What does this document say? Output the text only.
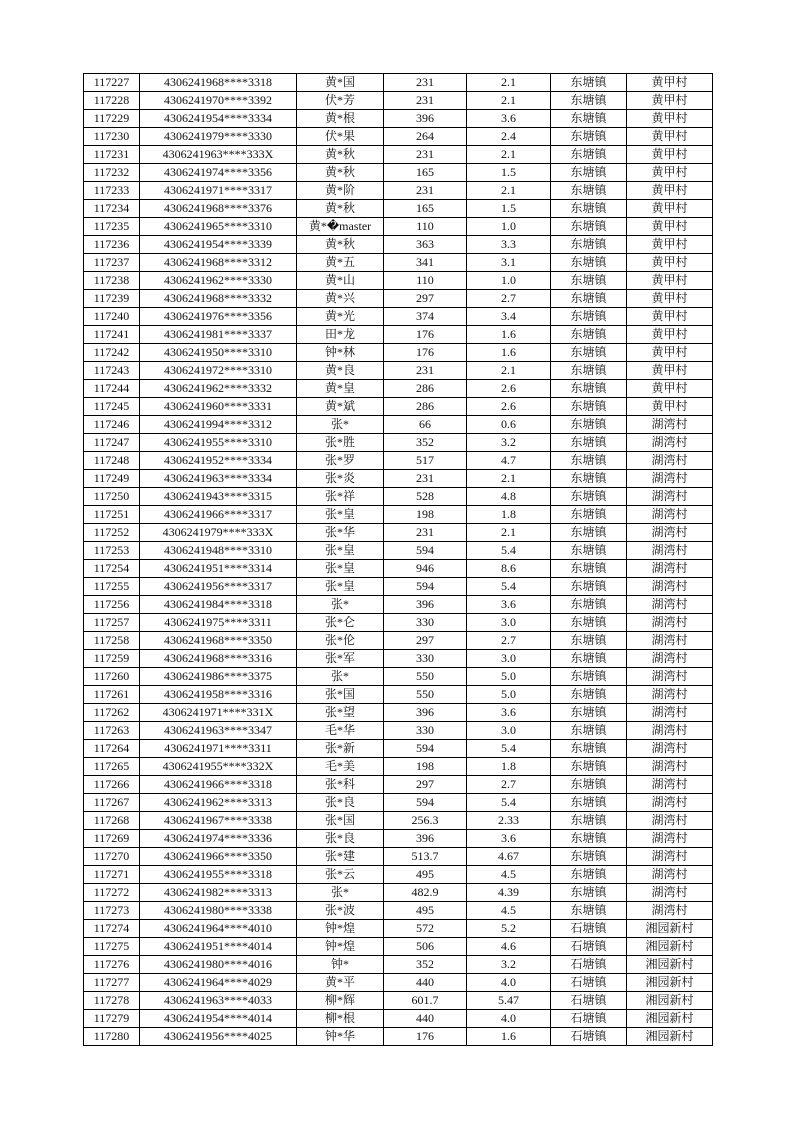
117227	4306241968****3318	黄*国	231	2.1	东塘镇	黄甲村
117228	4306241970****3392	伏*芳	231	2.1	东塘镇	黄甲村
117229	4306241954****3334	黄*根	396	3.6	东塘镇	黄甲村
117230	4306241979****3330	伏*果	264	2.4	东塘镇	黄甲村
117231	4306241963****333X	黄*秋	231	2.1	东塘镇	黄甲村
117232	4306241974****3356	黄*秋	165	1.5	东塘镇	黄甲村
117233	4306241971****3317	黄*阶	231	2.1	东塘镇	黄甲村
117234	4306241968****3376	黄*秋	165	1.5	东塘镇	黄甲村
117235	4306241965****3310	黄*�master	110	1.0	东塘镇	黄甲村
117236	4306241954****3339	黄*秋	363	3.3	东塘镇	黄甲村
117237	4306241968****3312	黄*五	341	3.1	东塘镇	黄甲村
117238	4306241962****3330	黄*山	110	1.0	东塘镇	黄甲村
117239	4306241968****3332	黄*兴	297	2.7	东塘镇	黄甲村
117240	4306241976****3356	黄*光	374	3.4	东塘镇	黄甲村
117241	4306241981****3337	田*龙	176	1.6	东塘镇	黄甲村
117242	4306241950****3310	钟*林	176	1.6	东塘镇	黄甲村
117243	4306241972****3310	黄*良	231	2.1	东塘镇	黄甲村
117244	4306241962****3332	黄*皇	286	2.6	东塘镇	黄甲村
117245	4306241960****3331	黄*斌	286	2.6	东塘镇	黄甲村
117246	4306241994****3312	张*	66	0.6	东塘镇	湖湾村
117247	4306241955****3310	张*胜	352	3.2	东塘镇	湖湾村
117248	4306241952****3334	张*罗	517	4.7	东塘镇	湖湾村
117249	4306241963****3334	张*炎	231	2.1	东塘镇	湖湾村
117250	4306241943****3315	张*祥	528	4.8	东塘镇	湖湾村
117251	4306241966****3317	张*皇	198	1.8	东塘镇	湖湾村
117252	4306241979****333X	张*华	231	2.1	东塘镇	湖湾村
117253	4306241948****3310	张*皇	594	5.4	东塘镇	湖湾村
117254	4306241951****3314	张*皇	946	8.6	东塘镇	湖湾村
117255	4306241956****3317	张*皇	594	5.4	东塘镇	湖湾村
117256	4306241984****3318	张*	396	3.6	东塘镇	湖湾村
117257	4306241975****3311	张*仑	330	3.0	东塘镇	湖湾村
117258	4306241968****3350	张*伦	297	2.7	东塘镇	湖湾村
117259	4306241968****3316	张*军	330	3.0	东塘镇	湖湾村
117260	4306241986****3375	张*	550	5.0	东塘镇	湖湾村
117261	4306241958****3316	张*国	550	5.0	东塘镇	湖湾村
117262	4306241971****331X	张*望	396	3.6	东塘镇	湖湾村
117263	4306241963****3347	毛*华	330	3.0	东塘镇	湖湾村
117264	4306241971****3311	张*新	594	5.4	东塘镇	湖湾村
117265	4306241955****332X	毛*美	198	1.8	东塘镇	湖湾村
117266	4306241966****3318	张*科	297	2.7	东塘镇	湖湾村
117267	4306241962****3313	张*良	594	5.4	东塘镇	湖湾村
117268	4306241967****3338	张*国	256.3	2.33	东塘镇	湖湾村
117269	4306241974****3336	张*良	396	3.6	东塘镇	湖湾村
117270	4306241966****3350	张*建	513.7	4.67	东塘镇	湖湾村
117271	4306241955****3318	张*云	495	4.5	东塘镇	湖湾村
117272	4306241982****3313	张*	482.9	4.39	东塘镇	湖湾村
117273	4306241980****3338	张*波	495	4.5	东塘镇	湖湾村
117274	4306241964****4010	钟*煌	572	5.2	石塘镇	湘园新村
117275	4306241951****4014	钟*煌	506	4.6	石塘镇	湘园新村
117276	4306241980****4016	钟*	352	3.2	石塘镇	湘园新村
117277	4306241964****4029	黄*平	440	4.0	石塘镇	湘园新村
117278	4306241963****4033	柳*辉	601.7	5.47	石塘镇	湘园新村
117279	4306241954****4014	柳*根	440	4.0	石塘镇	湘园新村
117280	4306241956****4025	钟*华	176	1.6	石塘镇	湘园新村
